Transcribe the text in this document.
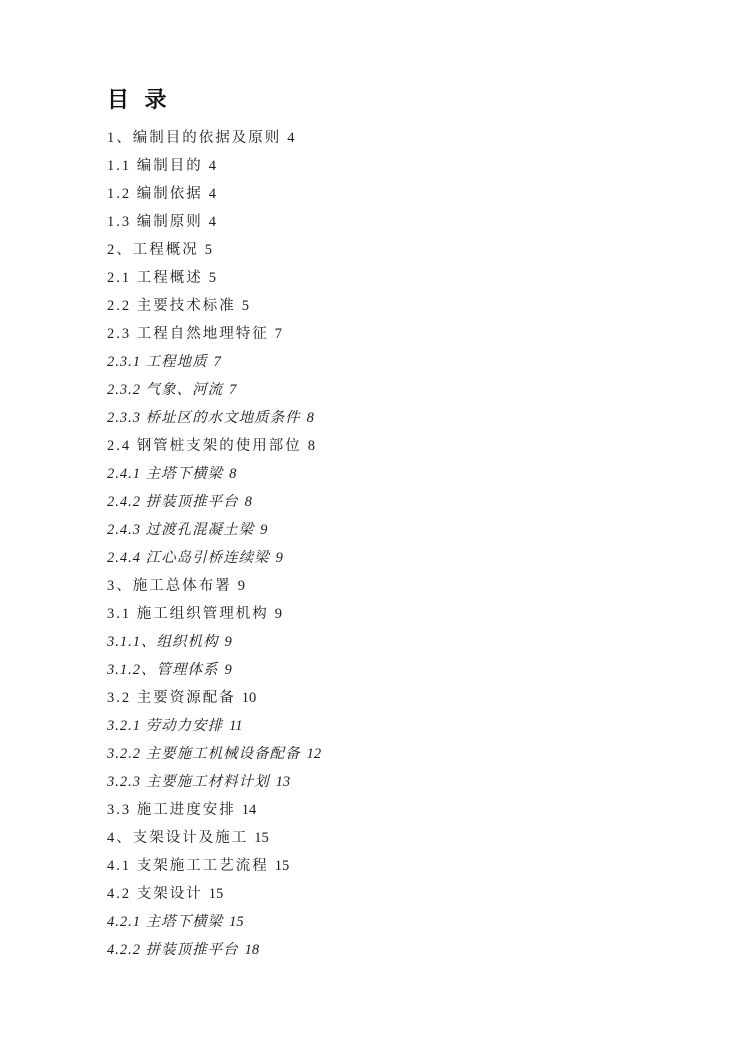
目 录
1、编制目的依据及原则 4
1.1 编制目的 4
1.2 编制依据 4
1.3 编制原则 4
2、工程概况 5
2.1 工程概述 5
2.2 主要技术标准 5
2.3 工程自然地理特征 7
2.3.1 工程地质 7
2.3.2 气象、河流 7
2.3.3 桥址区的水文地质条件 8
2.4 钢管桩支架的使用部位 8
2.4.1 主塔下横梁 8
2.4.2 拼装顶推平台 8
2.4.3 过渡孔混凝土梁 9
2.4.4 江心岛引桥连续梁 9
3、施工总体布署 9
3.1 施工组织管理机构 9
3.1.1、组织机构 9
3.1.2、管理体系 9
3.2 主要资源配备 10
3.2.1 劳动力安排 11
3.2.2 主要施工机械设备配备 12
3.2.3 主要施工材料计划 13
3.3 施工进度安排 14
4、支架设计及施工 15
4.1 支架施工工艺流程 15
4.2 支架设计 15
4.2.1 主塔下横梁 15
4.2.2 拼装顶推平台 18
